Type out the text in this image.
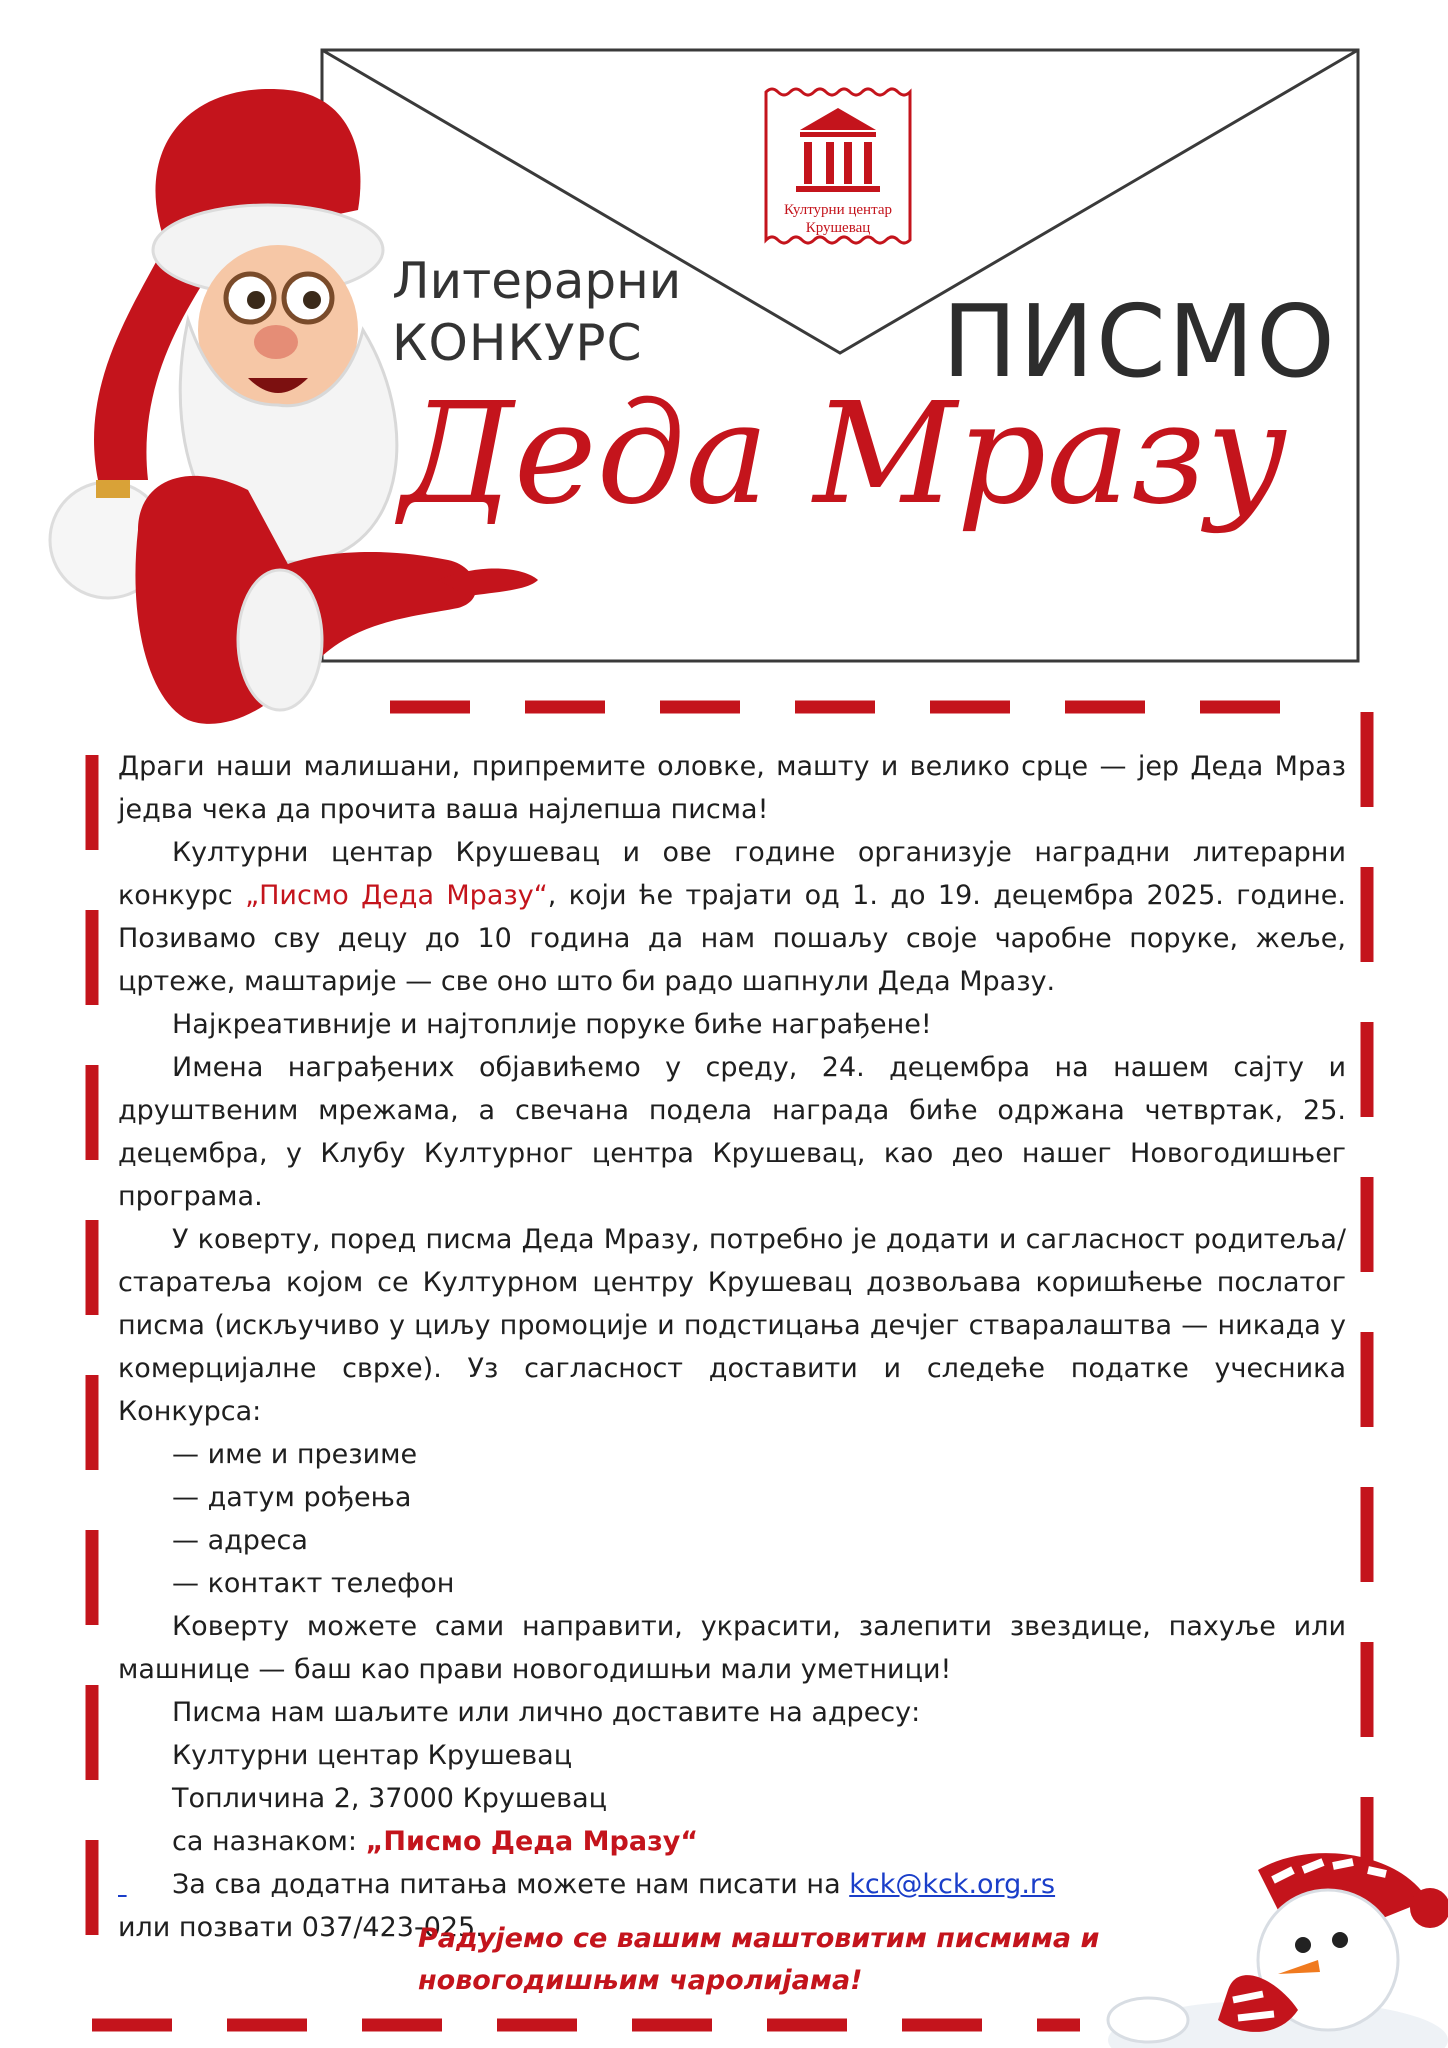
Културни центар
Крушевац
Литерарни
КОНКУРС	ПИСМО
Деда Мразу

Драги наши малишани, припремите оловке, машту и велико срце — јер Деда Мраз једва чека да прочита ваша најлепша писма!

Културни центар Крушевац и ове године организује наградни литерарни конкурс „Писмо Деда Мразу“, који ће трајати од 1. до 19. децембра 2025. године. Позивамо сву децу до 10 година да нам пошаљу своје чаробне поруке, жеље, цртеже, маштарије — све оно што би радо шапнули Деда Мразу.

Најкреативније и најтоплије поруке биће награђене!

Имена награђених објавићемо у среду, 24. децембра на нашем сајту и друштвеним мрежама, а свечана подела награда биће одржана четвртак, 25. децембра, у Клубу Културног центра Крушевац, као део нашег Новогодишњег програма.

У коверту, поред писма Деда Мразу, потребно је додати и сагласност родитеља/старатеља којом се Културном центру Крушевац дозвољава коришћење послатог писма (искључиво у циљу промоције и подстицања дечјег стваралаштва — никада у комерцијалне сврхе). Уз сагласност доставити и следеће податке учесника Конкурса:

— име и презиме

— датум рођења

— адреса

— контакт телефон

Коверту можете сами направити, украсити, залепити звездице, пахуље или машнице — баш као прави новогодишњи мали уметници!

Писма нам шаљите или лично доставите на адресу:

Културни центар Крушевац

Топличина 2, 37000 Крушевац

са назнаком: „Писмо Деда Мразу“

За сва додатна питања можете нам писати на kck@kck.org.rs

или позвати 037/423-025.

Радујемо се вашим маштовитим писмима и

новогодишњим чаролијама!
